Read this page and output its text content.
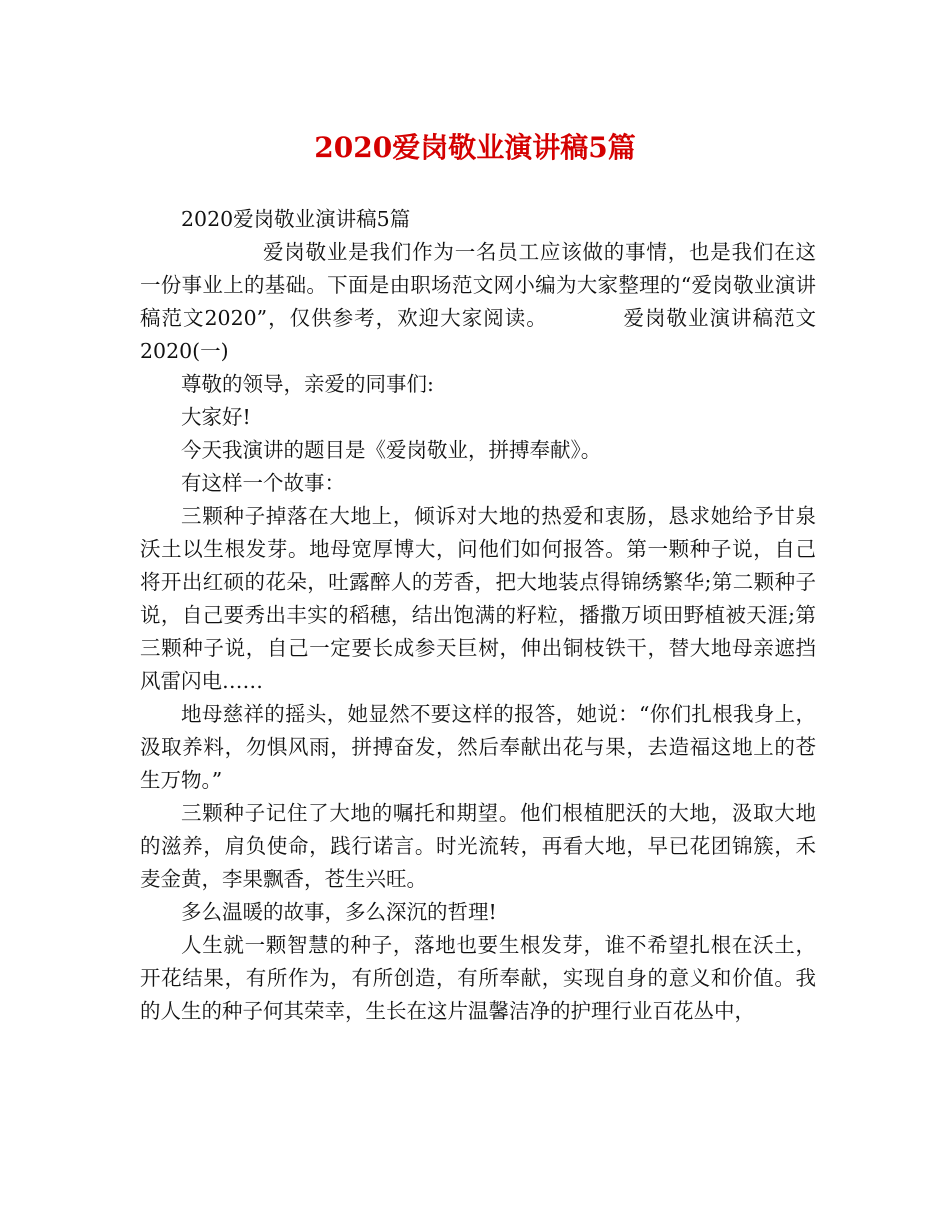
2020爱岗敬业演讲稿5篇

2020爱岗敬业演讲稿5篇

爱岗敬业是我们作为一名员工应该做的事情，也是我们在这一份事业上的基础。下面是由职场范文网小编为大家整理的“爱岗敬业演讲稿范文2020”，仅供参考，欢迎大家阅读。　　　　爱岗敬业演讲稿范文2020(一)

尊敬的领导，亲爱的同事们:

大家好!

今天我演讲的题目是《爱岗敬业，拼搏奉献》。

有这样一个故事：

三颗种子掉落在大地上，倾诉对大地的热爱和衷肠，恳求她给予甘泉沃土以生根发芽。地母宽厚博大，问他们如何报答。第一颗种子说，自己将开出红硕的花朵，吐露醉人的芳香，把大地装点得锦绣繁华;第二颗种子说，自己要秀出丰实的稻穗，结出饱满的籽粒，播撒万顷田野植被天涯;第三颗种子说，自己一定要长成参天巨树，伸出铜枝铁干，替大地母亲遮挡风雷闪电……

地母慈祥的摇头，她显然不要这样的报答，她说：“你们扎根我身上，汲取养料，勿惧风雨，拼搏奋发，然后奉献出花与果，去造福这地上的苍生万物。”

三颗种子记住了大地的嘱托和期望。他们根植肥沃的大地，汲取大地的滋养，肩负使命，践行诺言。时光流转，再看大地，早已花团锦簇，禾麦金黄，李果飘香，苍生兴旺。

多么温暖的故事，多么深沉的哲理!

人生就一颗智慧的种子，落地也要生根发芽，谁不希望扎根在沃土，开花结果，有所作为，有所创造，有所奉献，实现自身的意义和价值。我的人生的种子何其荣幸，生长在这片温馨洁净的护理行业百花丛中，
